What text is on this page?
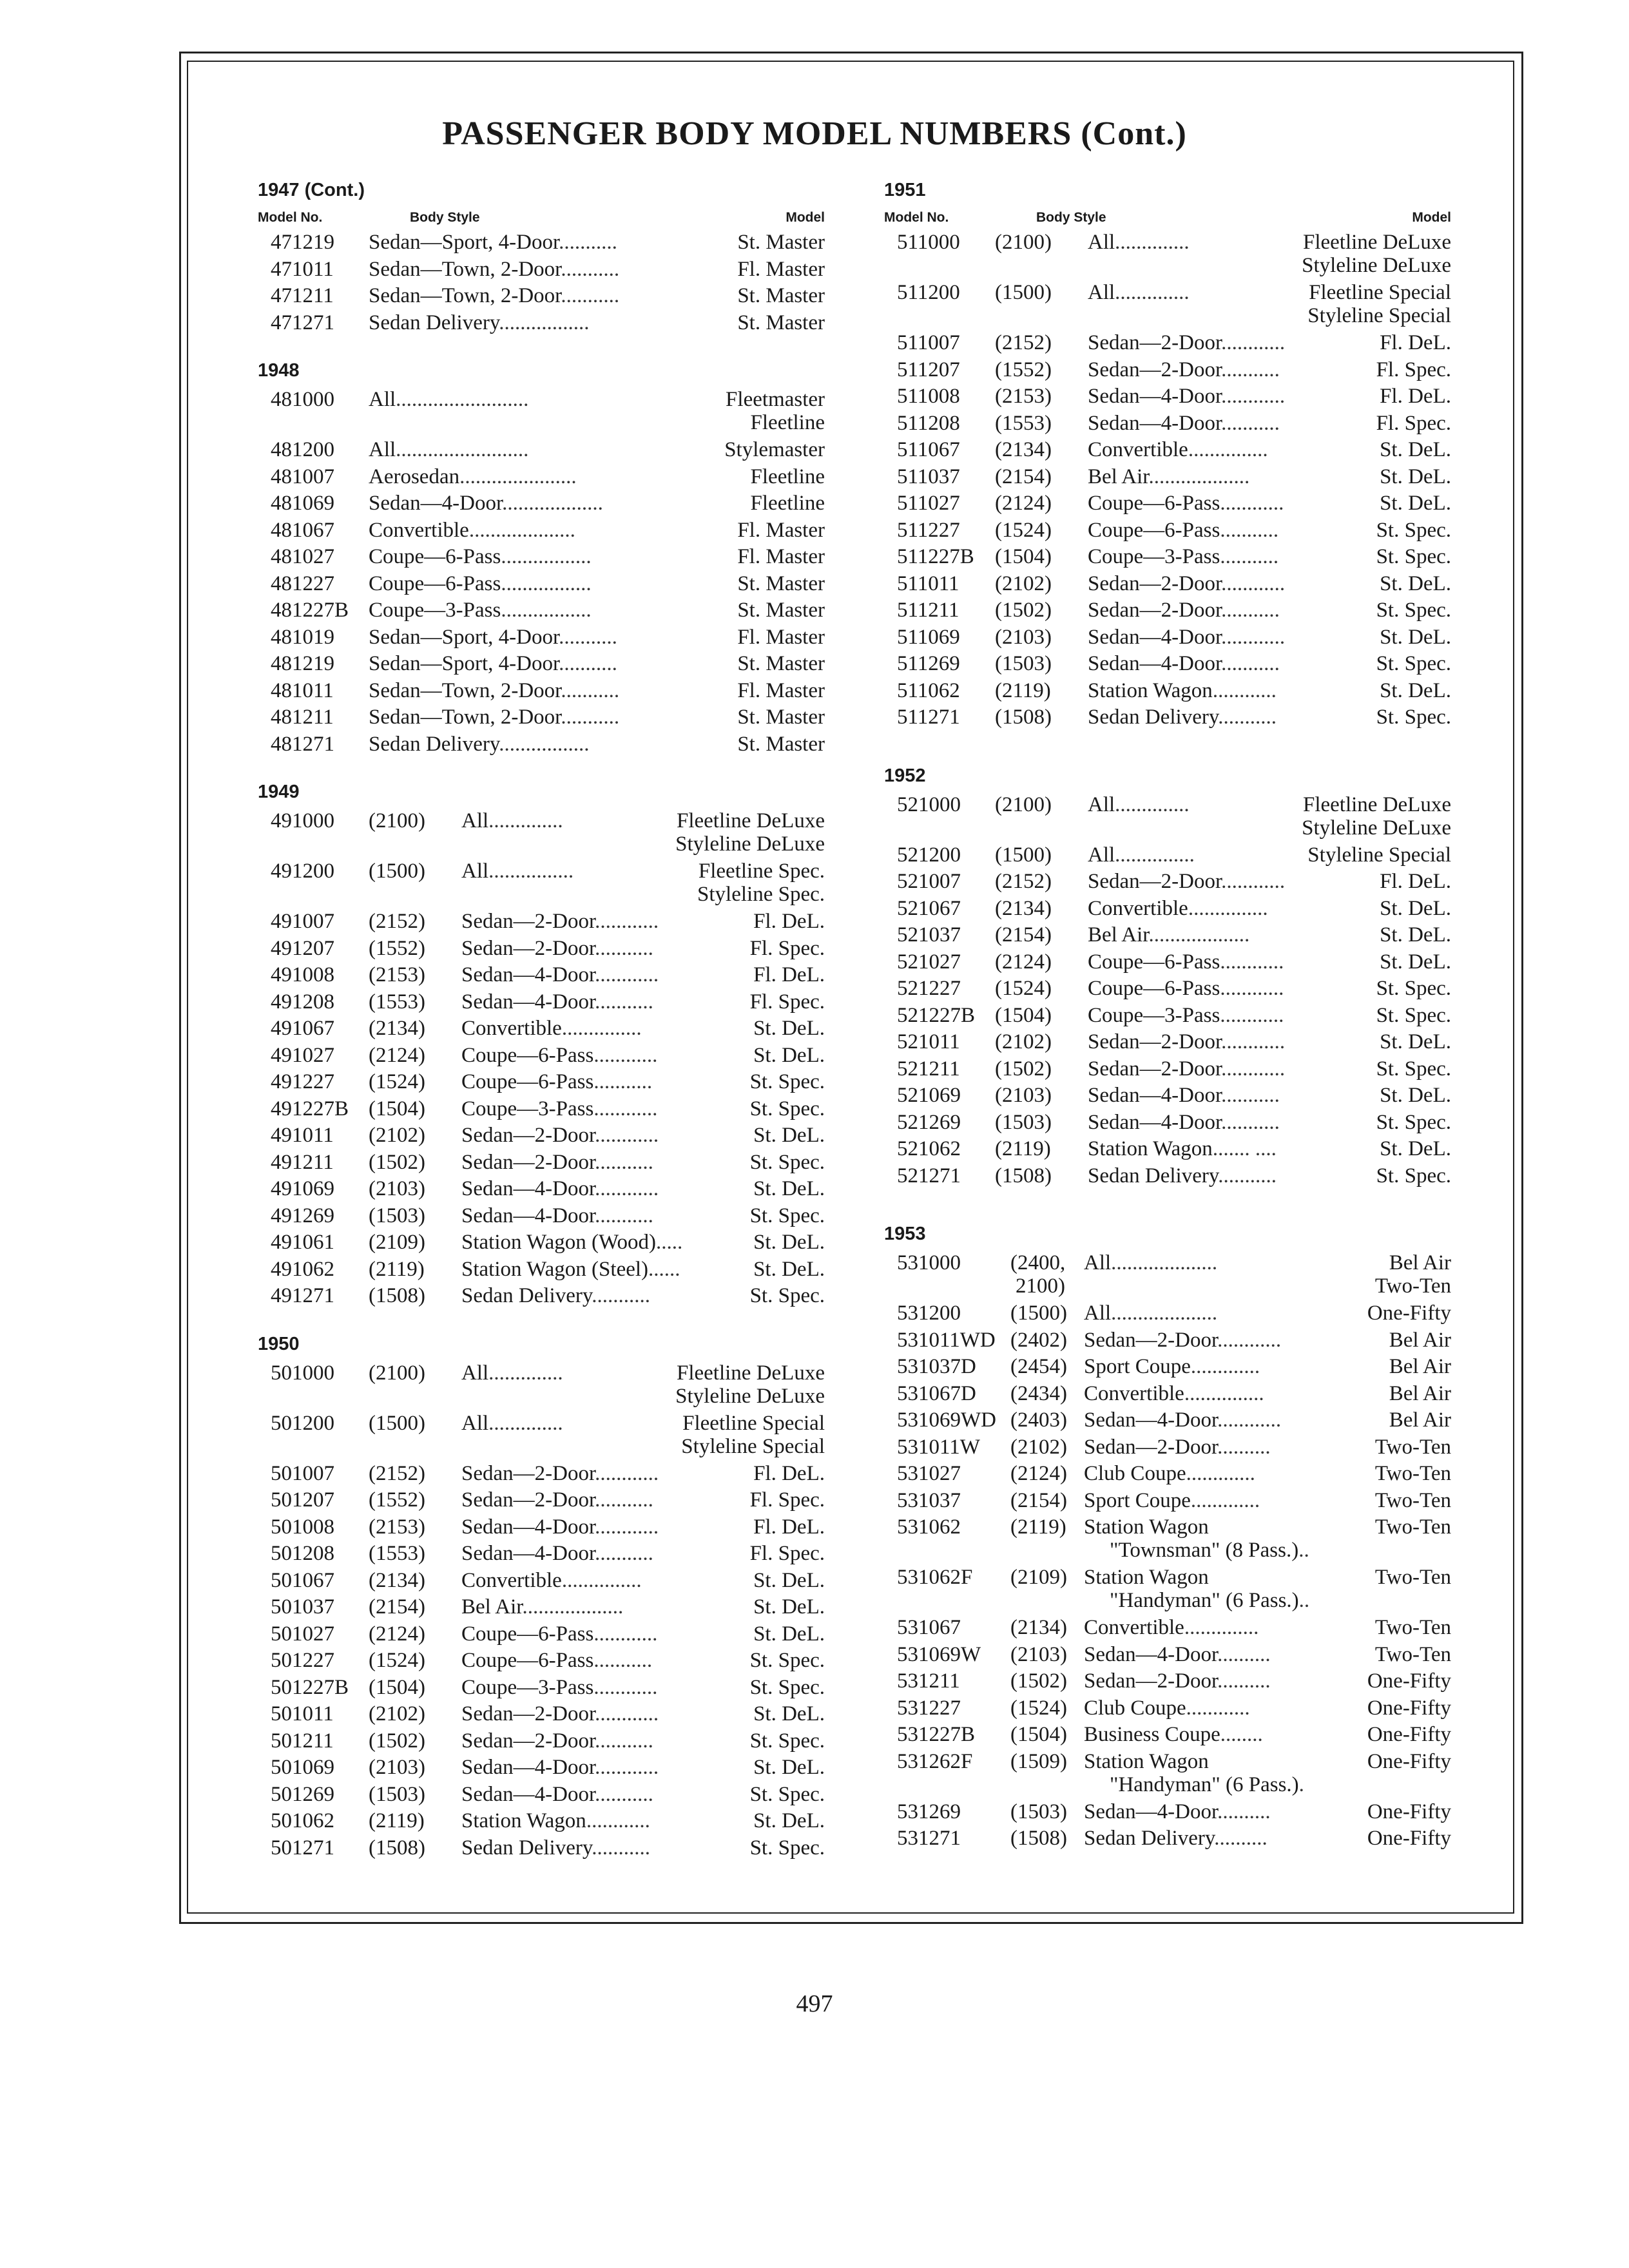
PASSENGER BODY MODEL NUMBERS (Cont.)
1947 (Cont.)
Model No.	Body Style	Model
471219 Sedan—Sport, 4-Door...........	St. Master
471011 Sedan—Town, 2-Door...........	Fl. Master
471211 Sedan—Town, 2-Door...........	St. Master
471271 Sedan Delivery.................	St. Master
1948
481000 All.........................	Fleetmaster
Fleetline
481200 All.........................	Stylemaster
481007 Aerosedan......................	Fleetline
481069 Sedan—4-Door...................	Fleetline
481067 Convertible....................	Fl. Master
481027 Coupe—6-Pass.................	Fl. Master
481227 Coupe—6-Pass.................	St. Master
481227B Coupe—3-Pass.................	St. Master
481019 Sedan—Sport, 4-Door...........	Fl. Master
481219 Sedan—Sport, 4-Door...........	St. Master
481011 Sedan—Town, 2-Door...........	Fl. Master
481211 Sedan—Town, 2-Door...........	St. Master
481271 Sedan Delivery.................	St. Master
1949
491000 (2100) All..............	Fleetline DeLuxe
Styleline DeLuxe
491200 (1500) All................	Fleetline Spec.
Styleline Spec.
491007 (2152) Sedan—2-Door............	Fl. DeL.
491207 (1552) Sedan—2-Door...........	Fl. Spec.
491008 (2153) Sedan—4-Door............	Fl. DeL.
491208 (1553) Sedan—4-Door...........	Fl. Spec.
491067 (2134) Convertible...............	St. DeL.
491027 (2124) Coupe—6-Pass............	St. DeL.
491227 (1524) Coupe—6-Pass...........	St. Spec.
491227B (1504) Coupe—3-Pass............	St. Spec.
491011 (2102) Sedan—2-Door............	St. DeL.
491211 (1502) Sedan—2-Door...........	St. Spec.
491069 (2103) Sedan—4-Door............	St. DeL.
491269 (1503) Sedan—4-Door...........	St. Spec.
491061 (2109) Station Wagon (Wood).....	St. DeL.
491062 (2119) Station Wagon (Steel)......	St. DeL.
491271 (1508) Sedan Delivery...........	St. Spec.
1950
501000 (2100) All..............	Fleetline DeLuxe
Styleline DeLuxe
501200 (1500) All..............	Fleetline Special
Styleline Special
501007 (2152) Sedan—2-Door............	Fl. DeL.
501207 (1552) Sedan—2-Door...........	Fl. Spec.
501008 (2153) Sedan—4-Door............	Fl. DeL.
501208 (1553) Sedan—4-Door...........	Fl. Spec.
501067 (2134) Convertible...............	St. DeL.
501037 (2154) Bel Air...................	St. DeL.
501027 (2124) Coupe—6-Pass............	St. DeL.
501227 (1524) Coupe—6-Pass...........	St. Spec.
501227B (1504) Coupe—3-Pass............	St. Spec.
501011 (2102) Sedan—2-Door............	St. DeL.
501211 (1502) Sedan—2-Door...........	St. Spec.
501069 (2103) Sedan—4-Door............	St. DeL.
501269 (1503) Sedan—4-Door...........	St. Spec.
501062 (2119) Station Wagon............	St. DeL.
501271 (1508) Sedan Delivery...........	St. Spec.
1951
Model No.	Body Style	Model
511000 (2100) All..............	Fleetline DeLuxe
Styleline DeLuxe
511200 (1500) All..............	Fleetline Special
Styleline Special
511007 (2152) Sedan—2-Door............	Fl. DeL.
511207 (1552) Sedan—2-Door...........	Fl. Spec.
511008 (2153) Sedan—4-Door............	Fl. DeL.
511208 (1553) Sedan—4-Door...........	Fl. Spec.
511067 (2134) Convertible...............	St. DeL.
511037 (2154) Bel Air...................	St. DeL.
511027 (2124) Coupe—6-Pass............	St. DeL.
511227 (1524) Coupe—6-Pass...........	St. Spec.
511227B (1504) Coupe—3-Pass...........	St. Spec.
511011 (2102) Sedan—2-Door............	St. DeL.
511211 (1502) Sedan—2-Door...........	St. Spec.
511069 (2103) Sedan—4-Door............	St. DeL.
511269 (1503) Sedan—4-Door...........	St. Spec.
511062 (2119) Station Wagon............	St. DeL.
511271 (1508) Sedan Delivery...........	St. Spec.
1952
521000 (2100) All..............	Fleetline DeLuxe
Styleline DeLuxe
521200 (1500) All...............	Styleline Special
521007 (2152) Sedan—2-Door............	Fl. DeL.
521067 (2134) Convertible...............	St. DeL.
521037 (2154) Bel Air...................	St. DeL.
521027 (2124) Coupe—6-Pass............	St. DeL.
521227 (1524) Coupe—6-Pass............	St. Spec.
521227B (1504) Coupe—3-Pass............	St. Spec.
521011 (2102) Sedan—2-Door............	St. DeL.
521211 (1502) Sedan—2-Door............	St. Spec.
521069 (2103) Sedan—4-Door...........	St. DeL.
521269 (1503) Sedan—4-Door...........	St. Spec.
521062 (2119) Station Wagon....... ....	St. DeL.
521271 (1508) Sedan Delivery...........	St. Spec.
1953
531000 (2400,
2100)
All....................	Bel Air
Two-Ten
531200 (1500) All....................	One-Fifty
531011WD (2402) Sedan—2-Door............	Bel Air
531037D (2454) Sport Coupe.............	Bel Air
531067D (2434) Convertible...............	Bel Air
531069WD (2403) Sedan—4-Door............	Bel Air
531011W (2102) Sedan—2-Door..........	Two-Ten
531027 (2124) Club Coupe.............	Two-Ten
531037 (2154) Sport Coupe.............	Two-Ten
531062 (2119) Station Wagon
"Townsman" (8 Pass.)..
Two-Ten
531062F (2109) Station Wagon
"Handyman" (6 Pass.)..
Two-Ten
531067 (2134) Convertible..............	Two-Ten
531069W (2103) Sedan—4-Door..........	Two-Ten
531211 (1502) Sedan—2-Door..........	One-Fifty
531227 (1524) Club Coupe............	One-Fifty
531227B (1504) Business Coupe........	One-Fifty
531262F (1509) Station Wagon
"Handyman" (6 Pass.).
One-Fifty
531269 (1503) Sedan—4-Door..........	One-Fifty
531271 (1508) Sedan Delivery..........	One-Fifty
497
